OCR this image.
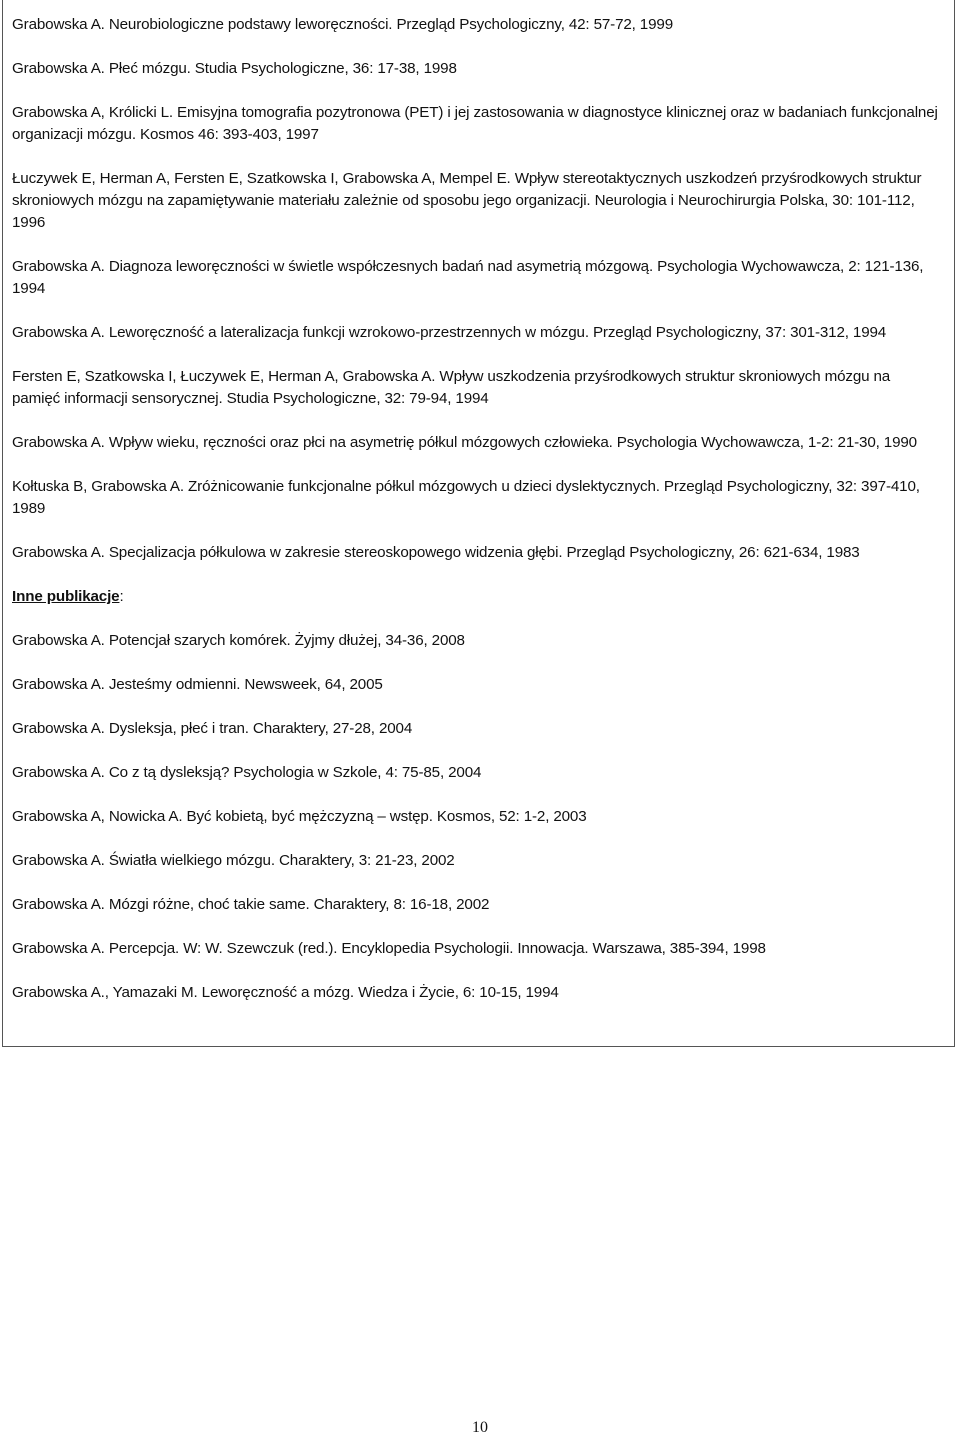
Grabowska A. Neurobiologiczne podstawy leworęczności. Przegląd Psychologiczny, 42: 57-72, 1999

Grabowska A. Płeć mózgu. Studia Psychologiczne, 36: 17-38, 1998

Grabowska A, Królicki L. Emisyjna tomografia pozytronowa (PET) i jej zastosowania w diagnostyce klinicznej oraz w badaniach funkcjonalnej organizacji mózgu. Kosmos 46: 393-403, 1997

Łuczywek E, Herman A, Fersten E, Szatkowska I, Grabowska A, Mempel E. Wpływ stereotaktycznych uszkodzeń przyśrodkowych struktur skroniowych mózgu na zapamiętywanie materiału zależnie od sposobu jego organizacji. Neurologia i Neurochirurgia Polska, 30: 101-112, 1996

Grabowska A. Diagnoza leworęczności w świetle współczesnych badań nad asymetrią mózgową. Psychologia Wychowawcza, 2: 121-136, 1994

Grabowska A. Leworęczność a lateralizacja funkcji wzrokowo-przestrzennych w mózgu. Przegląd Psychologiczny, 37: 301-312, 1994

Fersten E, Szatkowska I, Łuczywek E, Herman A, Grabowska A. Wpływ uszkodzenia przyśrodkowych struktur skroniowych mózgu na pamięć informacji sensorycznej. Studia Psychologiczne, 32: 79-94, 1994

Grabowska A. Wpływ wieku, ręczności oraz płci na asymetrię półkul mózgowych człowieka. Psychologia Wychowawcza, 1-2: 21-30, 1990

Kołtuska B, Grabowska A. Zróżnicowanie funkcjonalne półkul mózgowych u dzieci dyslektycznych. Przegląd Psychologiczny, 32: 397-410, 1989

Grabowska A. Specjalizacja półkulowa w zakresie stereoskopowego widzenia głębi. Przegląd Psychologiczny, 26: 621-634, 1983

Inne publikacje:

Grabowska A. Potencjał szarych komórek. Żyjmy dłużej, 34-36, 2008

Grabowska A. Jesteśmy odmienni. Newsweek, 64, 2005

Grabowska A. Dysleksja, płeć i tran. Charaktery, 27-28, 2004

Grabowska A. Co z tą dysleksją? Psychologia w Szkole, 4: 75-85, 2004

Grabowska A, Nowicka A. Być kobietą, być mężczyzną – wstęp. Kosmos, 52: 1-2, 2003

Grabowska A. Światła wielkiego mózgu. Charaktery, 3: 21-23, 2002

Grabowska A. Mózgi różne, choć takie same. Charaktery, 8: 16-18, 2002

Grabowska A. Percepcja. W: W. Szewczuk (red.). Encyklopedia Psychologii. Innowacja. Warszawa, 385-394, 1998

Grabowska A., Yamazaki M. Leworęczność a mózg. Wiedza i Życie, 6: 10-15, 1994

10
